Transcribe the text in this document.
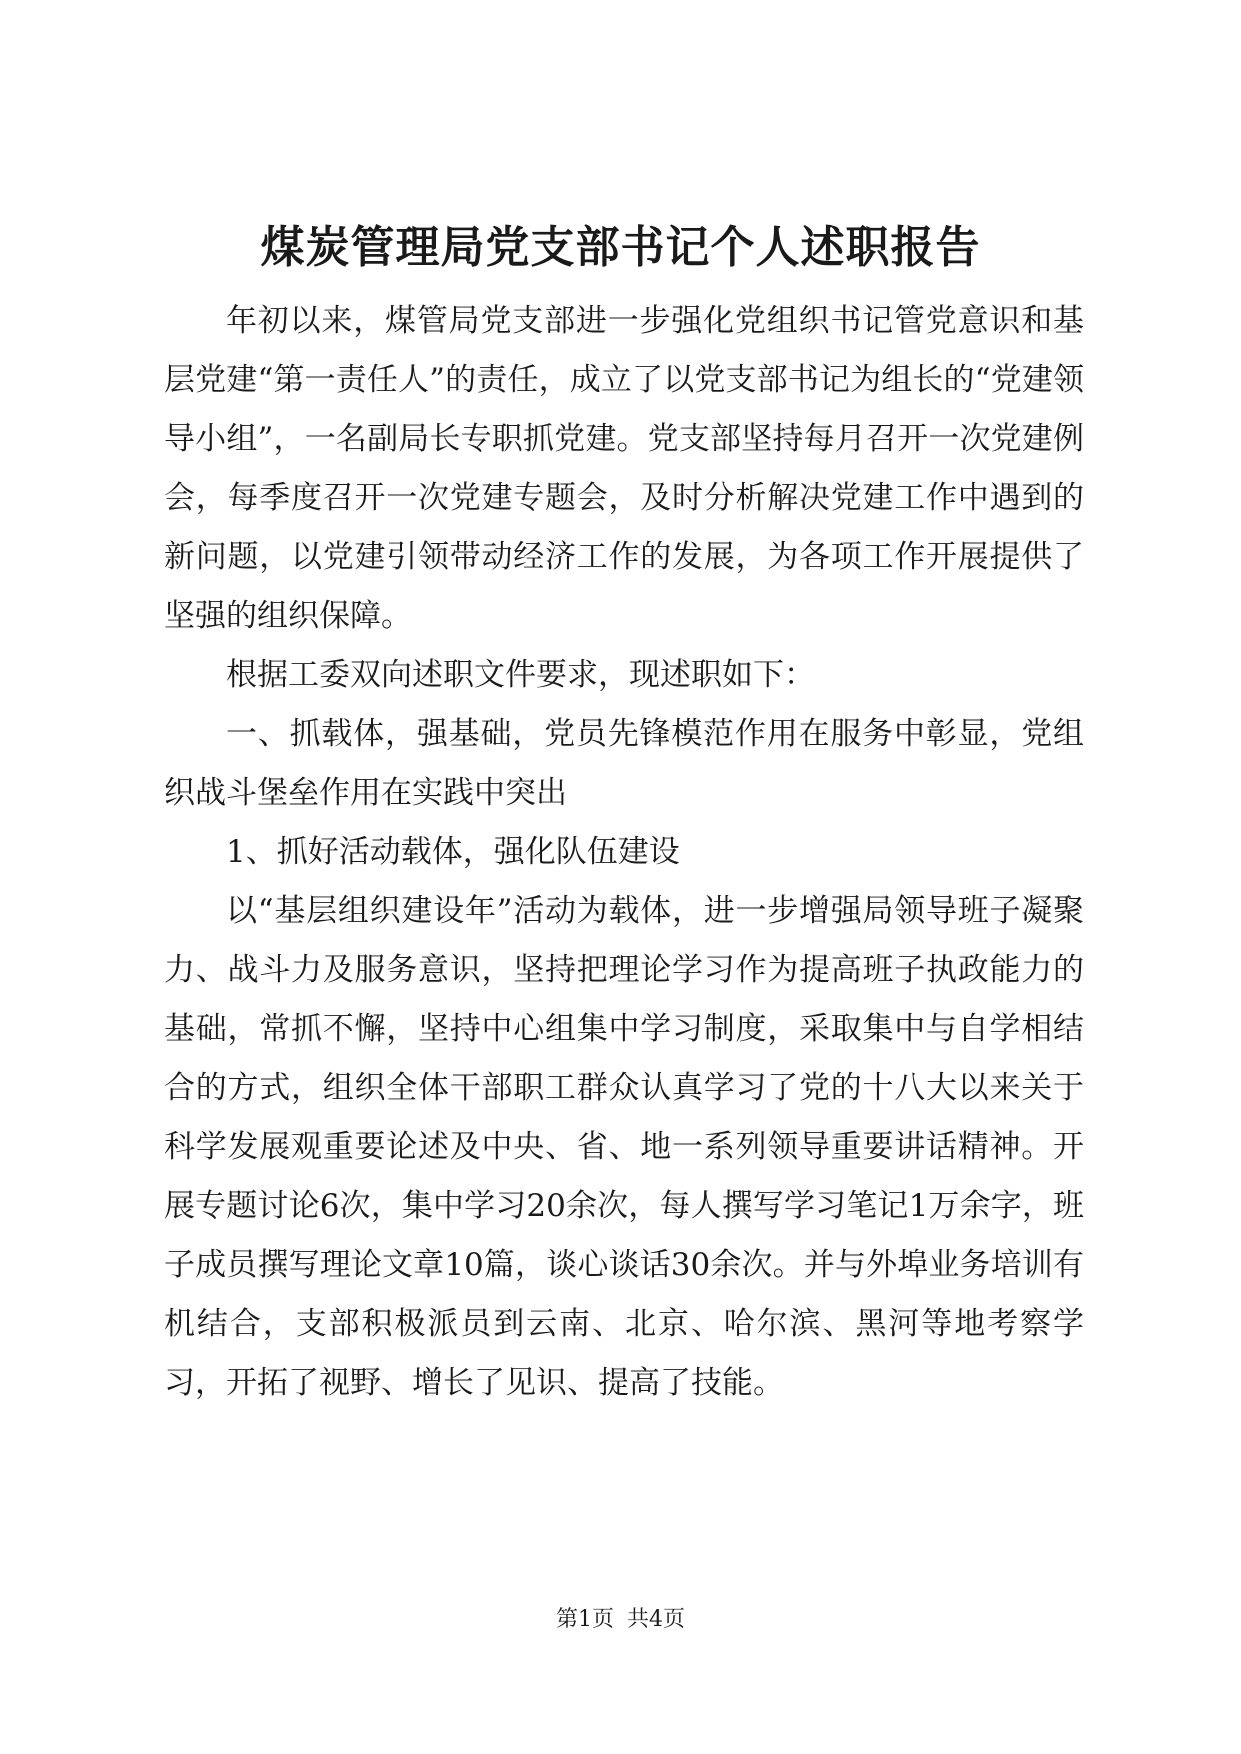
煤炭管理局党支部书记个人述职报告

年初以来，煤管局党支部进一步强化党组织书记管党意识和基层党建“第一责任人”的责任，成立了以党支部书记为组长的“党建领导小组”，一名副局长专职抓党建。党支部坚持每月召开一次党建例会，每季度召开一次党建专题会，及时分析解决党建工作中遇到的新问题，以党建引领带动经济工作的发展，为各项工作开展提供了坚强的组织保障。

根据工委双向述职文件要求，现述职如下：

一、抓载体，强基础，党员先锋模范作用在服务中彰显，党组织战斗堡垒作用在实践中突出

1、抓好活动载体，强化队伍建设

以“基层组织建设年”活动为载体，进一步增强局领导班子凝聚力、战斗力及服务意识，坚持把理论学习作为提高班子执政能力的基础，常抓不懈，坚持中心组集中学习制度，采取集中与自学相结合的方式，组织全体干部职工群众认真学习了党的十八大以来关于科学发展观重要论述及中央、省、地一系列领导重要讲话精神。开展专题讨论6次，集中学习20余次，每人撰写学习笔记1万余字，班子成员撰写理论文章10篇，谈心谈话30余次。并与外埠业务培训有机结合，支部积极派员到云南、北京、哈尔滨、黑河等地考察学习，开拓了视野、增长了见识、提高了技能。

第1页 共4页
